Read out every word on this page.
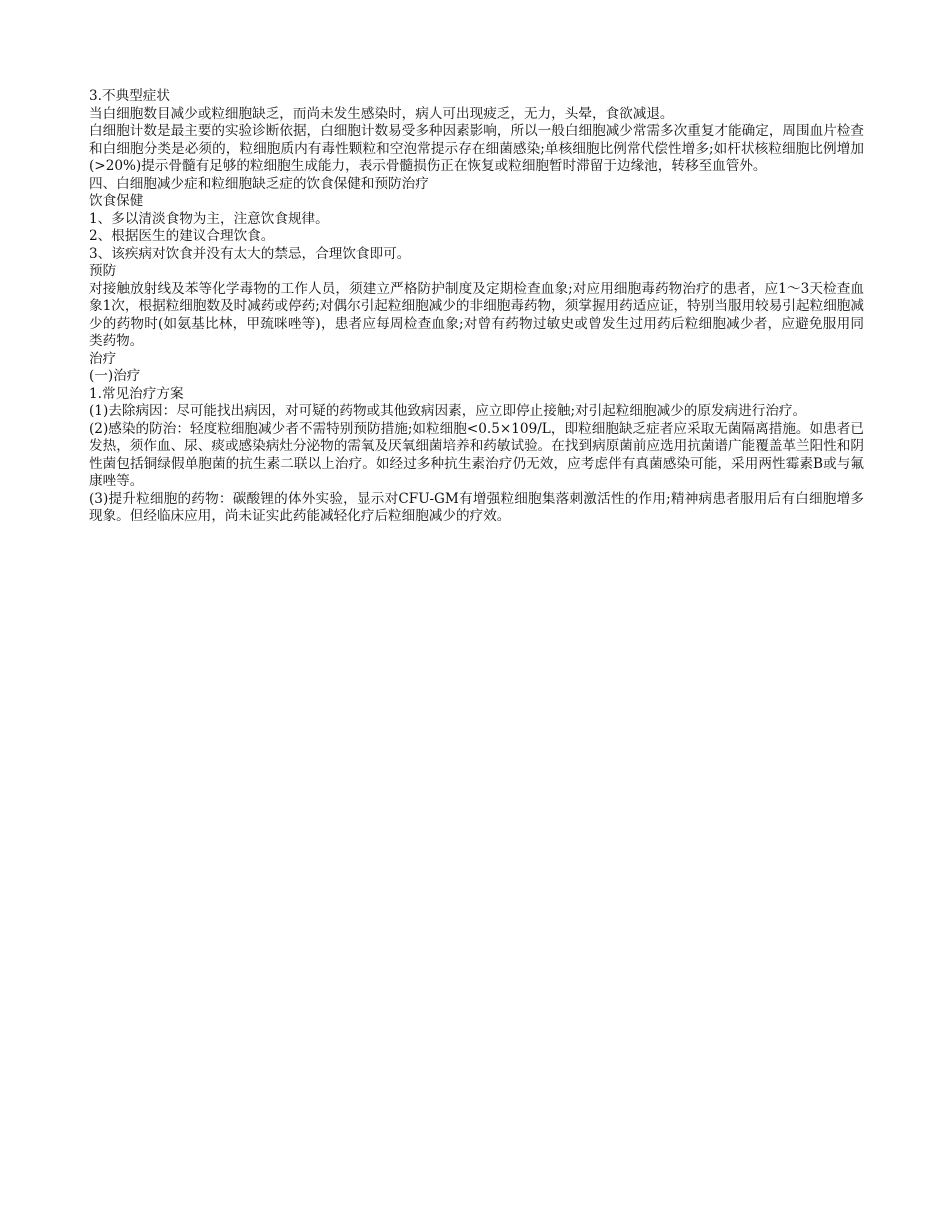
3.不典型症状

当白细胞数目减少或粒细胞缺乏，而尚未发生感染时，病人可出现疲乏，无力，头晕，食欲减退。

白细胞计数是最主要的实验诊断依据，白细胞计数易受多种因素影响，所以一般白细胞减少常需多次重复才能确定，周围血片检查和白细胞分类是必须的，粒细胞质内有毒性颗粒和空泡常提示存在细菌感染;单核细胞比例常代偿性增多;如杆状核粒细胞比例增加(>20%)提示骨髓有足够的粒细胞生成能力，表示骨髓损伤正在恢复或粒细胞暂时滞留于边缘池，转移至血管外。

四、白细胞减少症和粒细胞缺乏症的饮食保健和预防治疗
饮食保健
1、多以清淡食物为主，注意饮食规律。
2、根据医生的建议合理饮食。
3、该疾病对饮食并没有太大的禁忌，合理饮食即可。
预防

对接触放射线及苯等化学毒物的工作人员，须建立严格防护制度及定期检查血象;对应用细胞毒药物治疗的患者，应1～3天检查血象1次，根据粒细胞数及时减药或停药;对偶尔引起粒细胞减少的非细胞毒药物，须掌握用药适应证，特别当服用较易引起粒细胞减少的药物时(如氨基比林，甲巯咪唑等)，患者应每周检查血象;对曾有药物过敏史或曾发生过用药后粒细胞减少者，应避免服用同类药物。

治疗
(一)治疗
1.常见治疗方案

(1)去除病因：尽可能找出病因，对可疑的药物或其他致病因素，应立即停止接触;对引起粒细胞减少的原发病进行治疗。

(2)感染的防治：轻度粒细胞减少者不需特别预防措施;如粒细胞<0.5×109/L，即粒细胞缺乏症者应采取无菌隔离措施。如患者已发热，须作血、尿、痰或感染病灶分泌物的需氧及厌氧细菌培养和药敏试验。在找到病原菌前应选用抗菌谱广能覆盖革兰阳性和阴性菌包括铜绿假单胞菌的抗生素二联以上治疗。如经过多种抗生素治疗仍无效，应考虑伴有真菌感染可能，采用两性霉素B或与氟康唑等。

(3)提升粒细胞的药物：碳酸锂的体外实验，显示对CFU-GM有增强粒细胞集落刺激活性的作用;精神病患者服用后有白细胞增多现象。但经临床应用，尚未证实此药能减轻化疗后粒细胞减少的疗效。
